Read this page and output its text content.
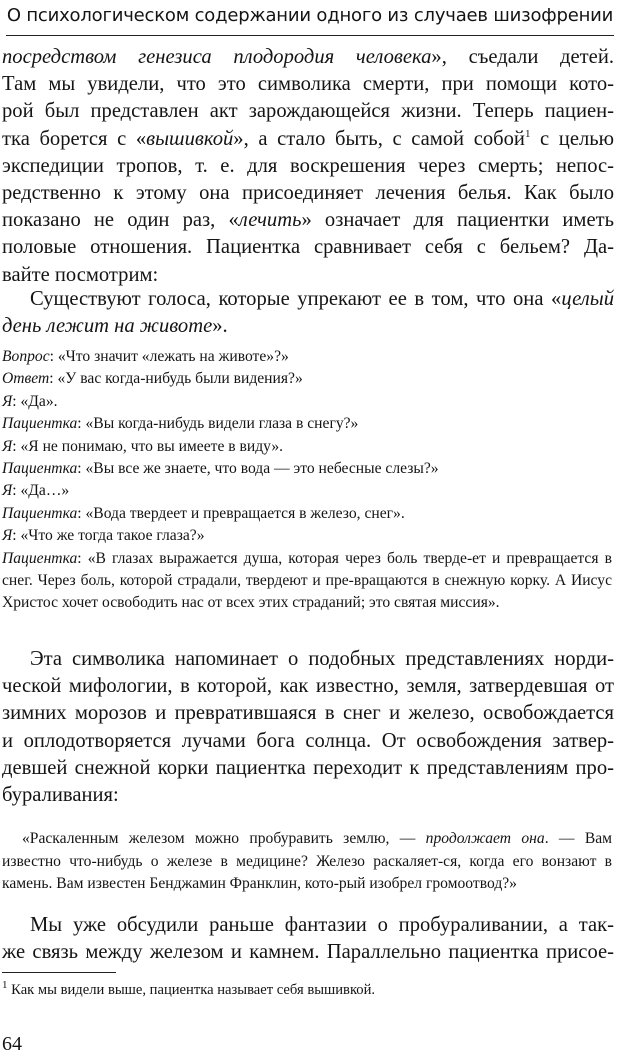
О психологическом содержании одного из случаев шизофрении

посредством генезиса плодородия человека», съедали детей.

Там мы увидели, что это символика смерти, при помощи кото-

рой был представлен акт зарождающейся жизни. Теперь пациен-

тка борется с «вышивкой», а стало быть, с самой собой$^1$ с целью

экспедиции тропов, т. е. для воскрешения через смерть; непос-

редственно к этому она присоединяет лечения белья. Как было

показано не один раз, «лечить» означает для пациентки иметь

половые отношения. Пациентка сравнивает себя с бельем? Да-

вайте посмотрим:

Существуют голоса, которые упрекают ее в том, что она «целый день лежит на животе».

Вопрос: «Что значит «лежать на животе»?»

Ответ: «У вас когда-нибудь были видения?»

Я: «Да».

Пациентка: «Вы когда-нибудь видели глаза в снегу?»

Я: «Я не понимаю, что вы имеете в виду».

Пациентка: «Вы все же знаете, что вода — это небесные слезы?»

Я: «Да…»

Пациентка: «Вода твердеет и превращается в железо, снег».

Я: «Что же тогда такое глаза?»

Пациентка: «В глазах выражается душа, которая через боль тверде-ет и превращается в снег. Через боль, которой страдали, твердеют и пре-вращаются в снежную корку. А Иисус Христос хочет освободить нас от всех этих страданий; это святая миссия».

Эта символика напоминает о подобных представлениях норди-

ческой мифологии, в которой, как известно, земля, затвердевшая от

зимних морозов и превратившаяся в снег и железо, освобождается

и оплодотворяется лучами бога солнца. От освобождения затвер-

девшей снежной корки пациентка переходит к представлениям про-

бураливания:

«Раскаленным железом можно пробуравить землю, — продолжает она. — Вам известно что-нибудь о железе в медицине? Железо раскаляет-ся, когда его вонзают в камень. Вам известен Бенджамин Франклин, кото-рый изобрел громоотвод?»

Мы уже обсудили раньше фантазии о пробураливании, а так-

же связь между железом и камнем. Параллельно пациентка присое-

$^1$ Как мы видели выше, пациентка называет себя вышивкой.
64
